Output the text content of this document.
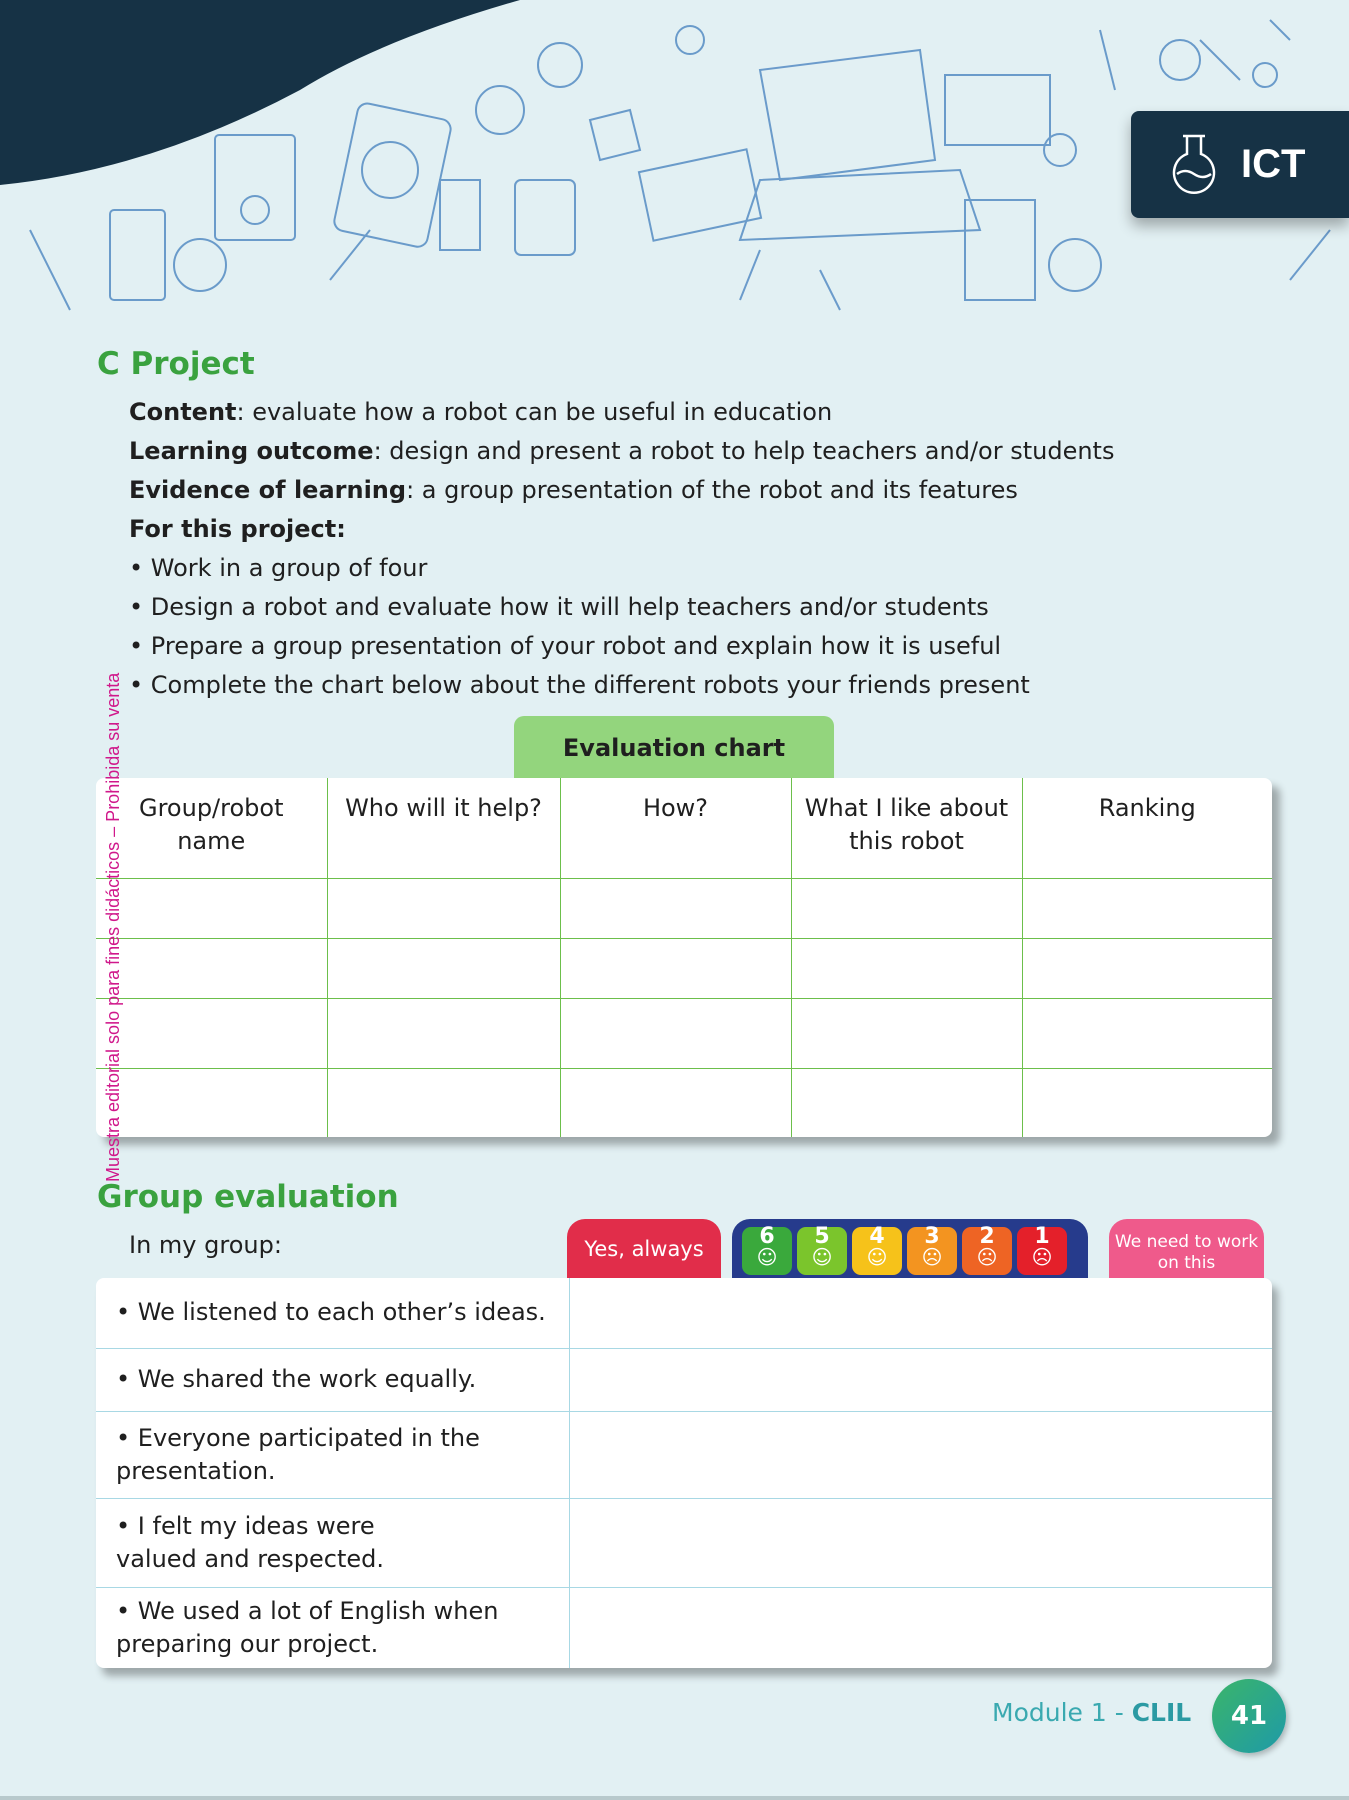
ICT
C Project
Content: evaluate how a robot can be useful in education
Learning outcome: design and present a robot to help teachers and/or students
Evidence of learning: a group presentation of the robot and its features
For this project:
• Work in a group of four
• Design a robot and evaluate how it will help teachers and/or students
• Prepare a group presentation of your robot and explain how it is useful
• Complete the chart below about the different robots your friends present
Evaluation chart
Group/robot name	Who will it help?	How?	What I like about this robot	Ranking

Muestra editorial solo para fines didácticos – Prohibida su venta
Group evaluation
In my group:	Yes, always	6
☺
5
☺
4
☺
3
☹
2
☹
1
☹
We need to work on this
• We listened to each other’s ideas.	
• We shared the work equally.	
• Everyone participated in the presentation.	
• I felt my ideas were valued and respected.	
• We used a lot of English when preparing our project.	
Module 1 - CLIL	41
